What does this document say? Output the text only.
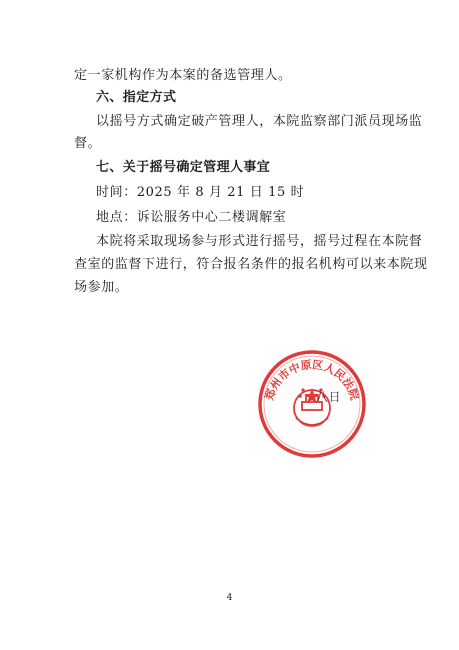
定一家机构作为本案的备选管理人。
六、指定方式
以摇号方式确定破产管理人，本院监察部门派员现场监
督。
七、关于摇号确定管理人事宜
时间：2025 年 8 月 21 日 15 时
地点：诉讼服务中心二楼调解室
本院将采取现场参与形式进行摇号，摇号过程在本院督
查室的监督下进行，符合报名条件的报名机构可以来本院现
场参加。
郑州市中原区人民法院
八日
4
